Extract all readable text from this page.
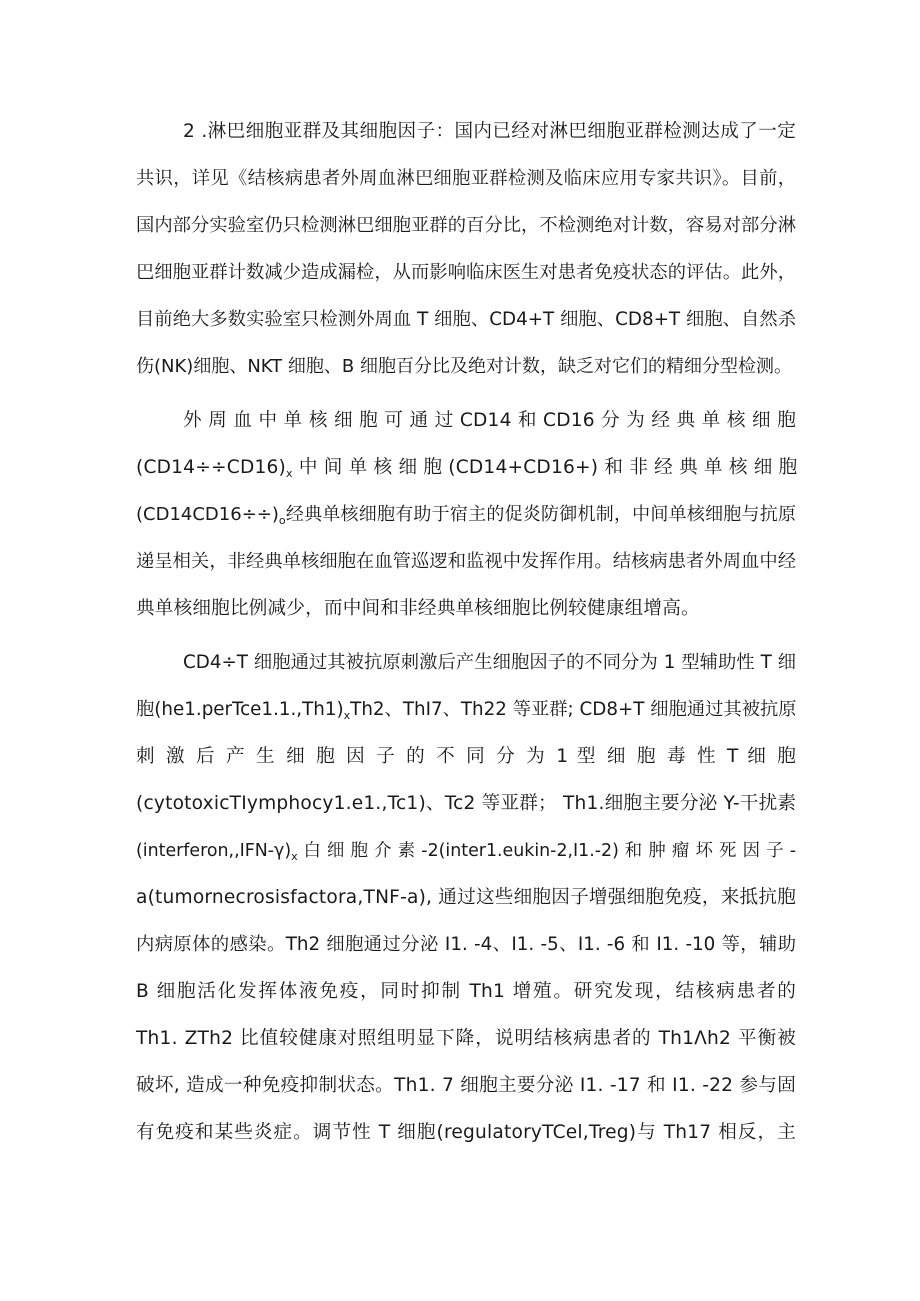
2 .淋巴细胞亚群及其细胞因子：国内已经对淋巴细胞亚群检测达成了一定
共识，详见《结核病患者外周血淋巴细胞亚群检测及临床应用专家共识》。目前，
国内部分实验室仍只检测淋巴细胞亚群的百分比，不检测绝对计数，容易对部分淋
巴细胞亚群计数减少造成漏检，从而影响临床医生对患者免疫状态的评估。此外，
目前绝大多数实验室只检测外周血 T 细胞、CD4+T 细胞、CD8+T 细胞、自然杀
伤(NK)细胞、NKT 细胞、B 细胞百分比及绝对计数，缺乏对它们的精细分型检测。
外 周 血 中 单 核 细 胞 可 通 过 CD14 和 CD16 分 为 经 典 单 核 细 胞
$(CD14\div\div CD16)_x$ 中 间 单 核 细 胞 (CD14+CD16+) 和 非 经 典 单 核 细 胞
$(CD14CD16\div\div)_o$经典单核细胞有助于宿主的促炎防御机制，中间单核细胞与抗原
递呈相关，非经典单核细胞在血管巡逻和监视中发挥作用。结核病患者外周血中经
典单核细胞比例减少，而中间和非经典单核细胞比例较健康组增高。
CD4÷T 细胞通过其被抗原刺激后产生细胞因子的不同分为 1 型辅助性 T 细
胞$(he1.perTce1.1.,Th1)_xTh2$、ThI7、Th22 等亚群; CD8+T 细胞通过其被抗原
刺 激 后 产 生 细 胞 因 子 的 不 同 分 为 1 型 细 胞 毒 性 T 细 胞
(cytotoxicTIymphocy1.e1.,Tc1)、Tc2 等亚群； Th1.细胞主要分泌 Y-干扰素
$(interferon,,IFN-\gamma)_x$ 白 细 胞 介 素 -2(inter1.eukin-2,I1.-2) 和 肿 瘤 坏 死 因 子 -
a(tumornecrosisfactora,TNF-a), 通过这些细胞因子增强细胞免疫，来抵抗胞
内病原体的感染。Th2 细胞通过分泌 I1. -4、I1. -5、I1. -6 和 I1. -10 等，辅助
B 细胞活化发挥体液免疫，同时抑制 Th1 增殖。研究发现，结核病患者的
Th1. ZTh2 比值较健康对照组明显下降，说明结核病患者的 Th1Λh2 平衡被
破坏, 造成一种免疫抑制状态。Th1. 7 细胞主要分泌 I1. -17 和 I1. -22 参与固
有免疫和某些炎症。调节性 T 细胞(regulatoryTCel,Treg)与 Th17 相反，主
